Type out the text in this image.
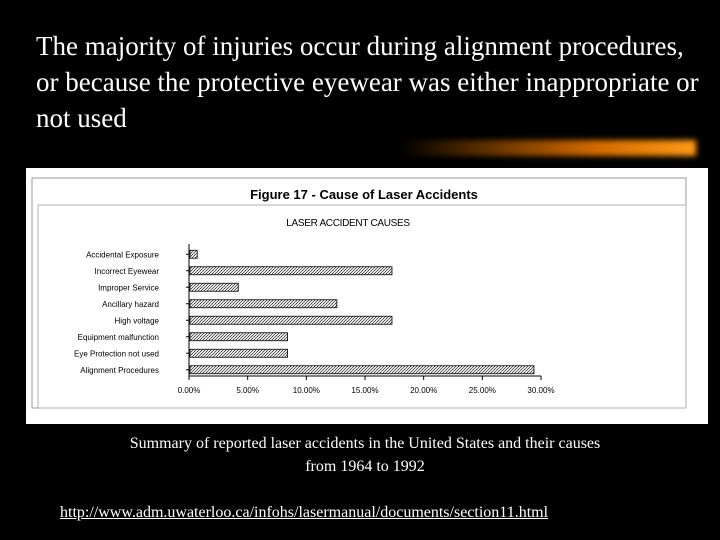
The majority of injuries occur during alignment procedures, or because the protective eyewear was either inappropriate or not used
Figure 17 - Cause of Laser Accidents
LASER ACCIDENT CAUSES
Accidental Exposure
Incorrect Eyewear
Improper Service
Ancillary hazard
High voltage
Equipment malfunction
Eye Protection not used
Alignment Procedures
0.00%	5.00%	10.00%	15.00%	20.00%	25.00%	30.00%
Summary of reported laser accidents in the United States and their causes
from 1964 to 1992
http://www.adm.uwaterloo.ca/infohs/lasermanual/documents/section11.html
